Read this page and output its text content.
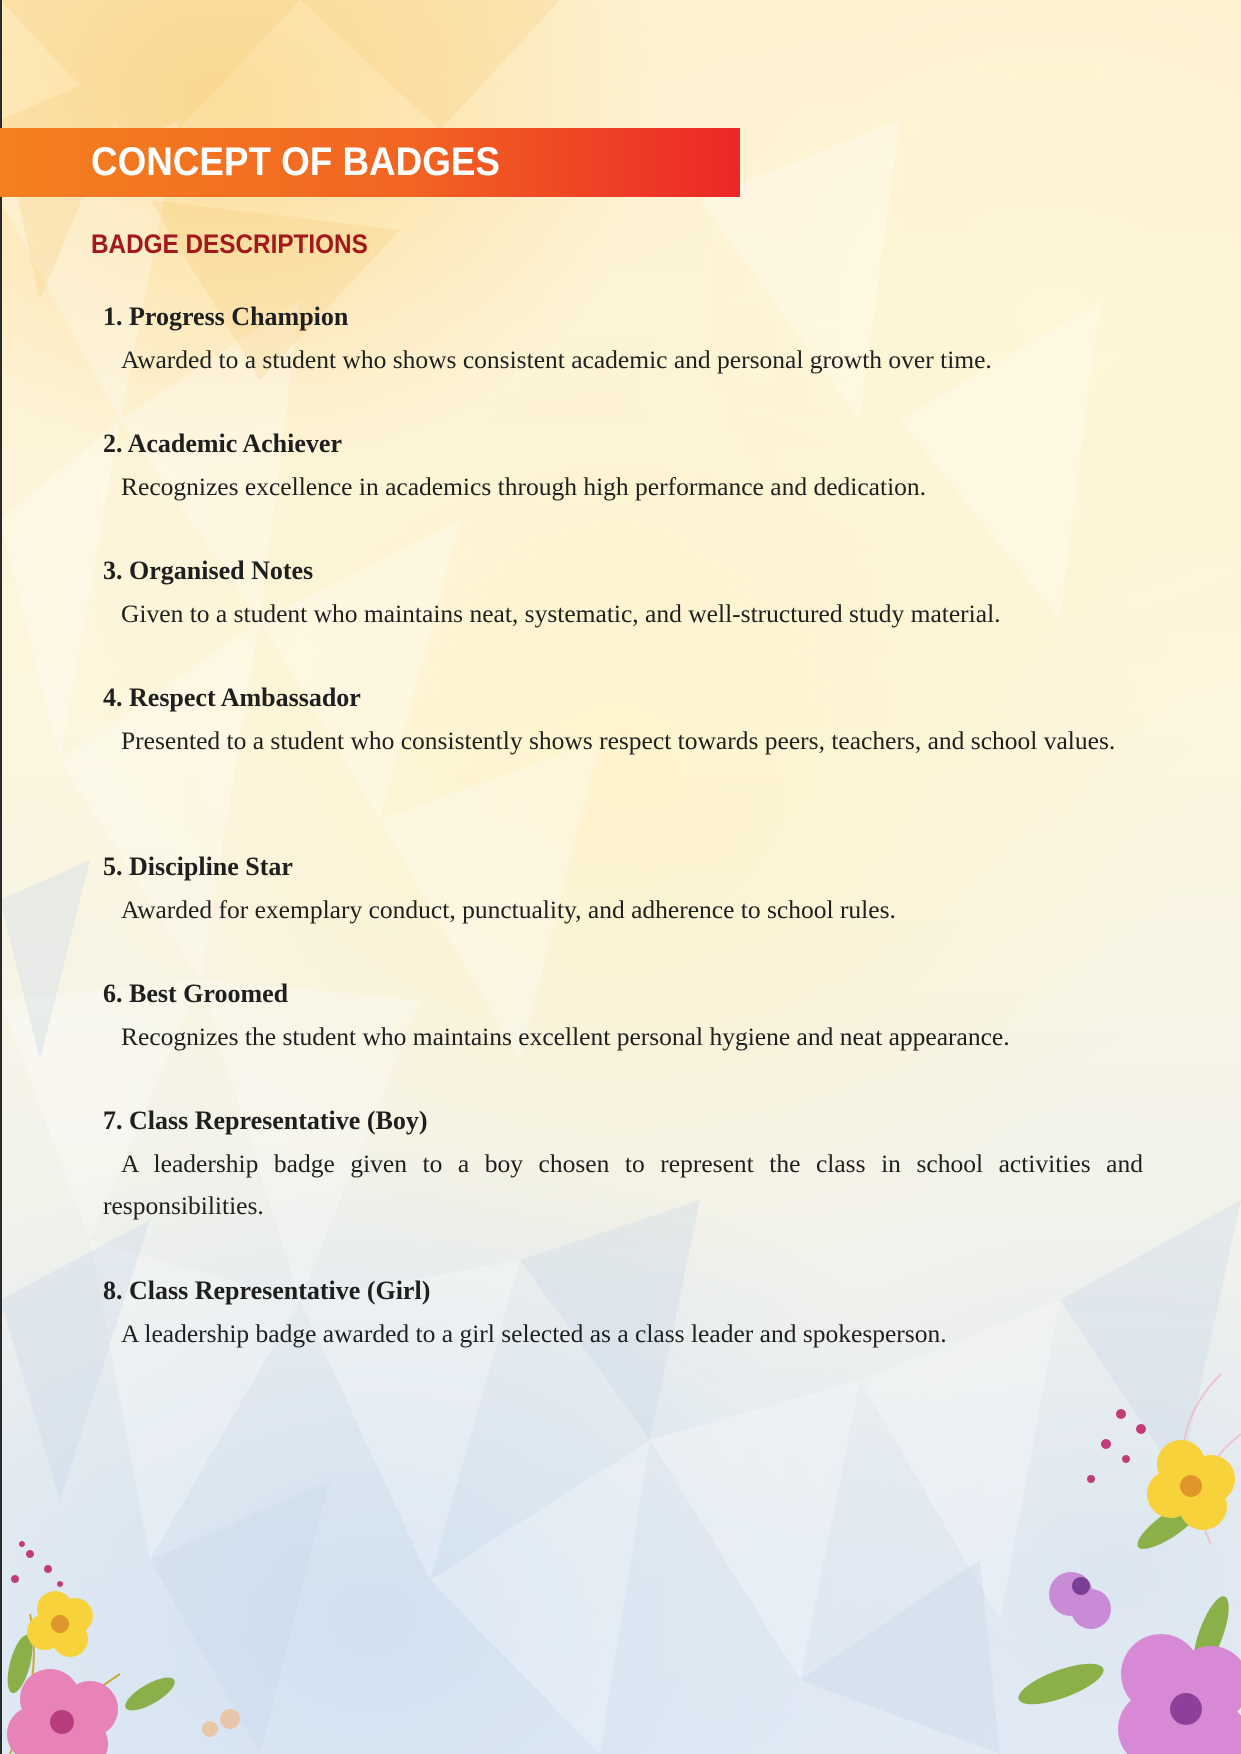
CONCEPT OF BADGES
BADGE DESCRIPTIONS

1. Progress Champion

Awarded to a student who shows consistent academic and personal growth over time.

2. Academic Achiever

Recognizes excellence in academics through high performance and dedication.

3. Organised Notes

Given to a student who maintains neat, systematic, and well-structured study material.

4. Respect Ambassador

Presented to a student who consistently shows respect towards peers, teachers, and school values.

5. Discipline Star

Awarded for exemplary conduct, punctuality, and adherence to school rules.

6. Best Groomed

Recognizes the student who maintains excellent personal hygiene and neat appearance.

7. Class Representative (Boy)

A leadership badge given to a boy chosen to represent the class in school activities and responsibilities.

8. Class Representative (Girl)

A leadership badge awarded to a girl selected as a class leader and spokesperson.
